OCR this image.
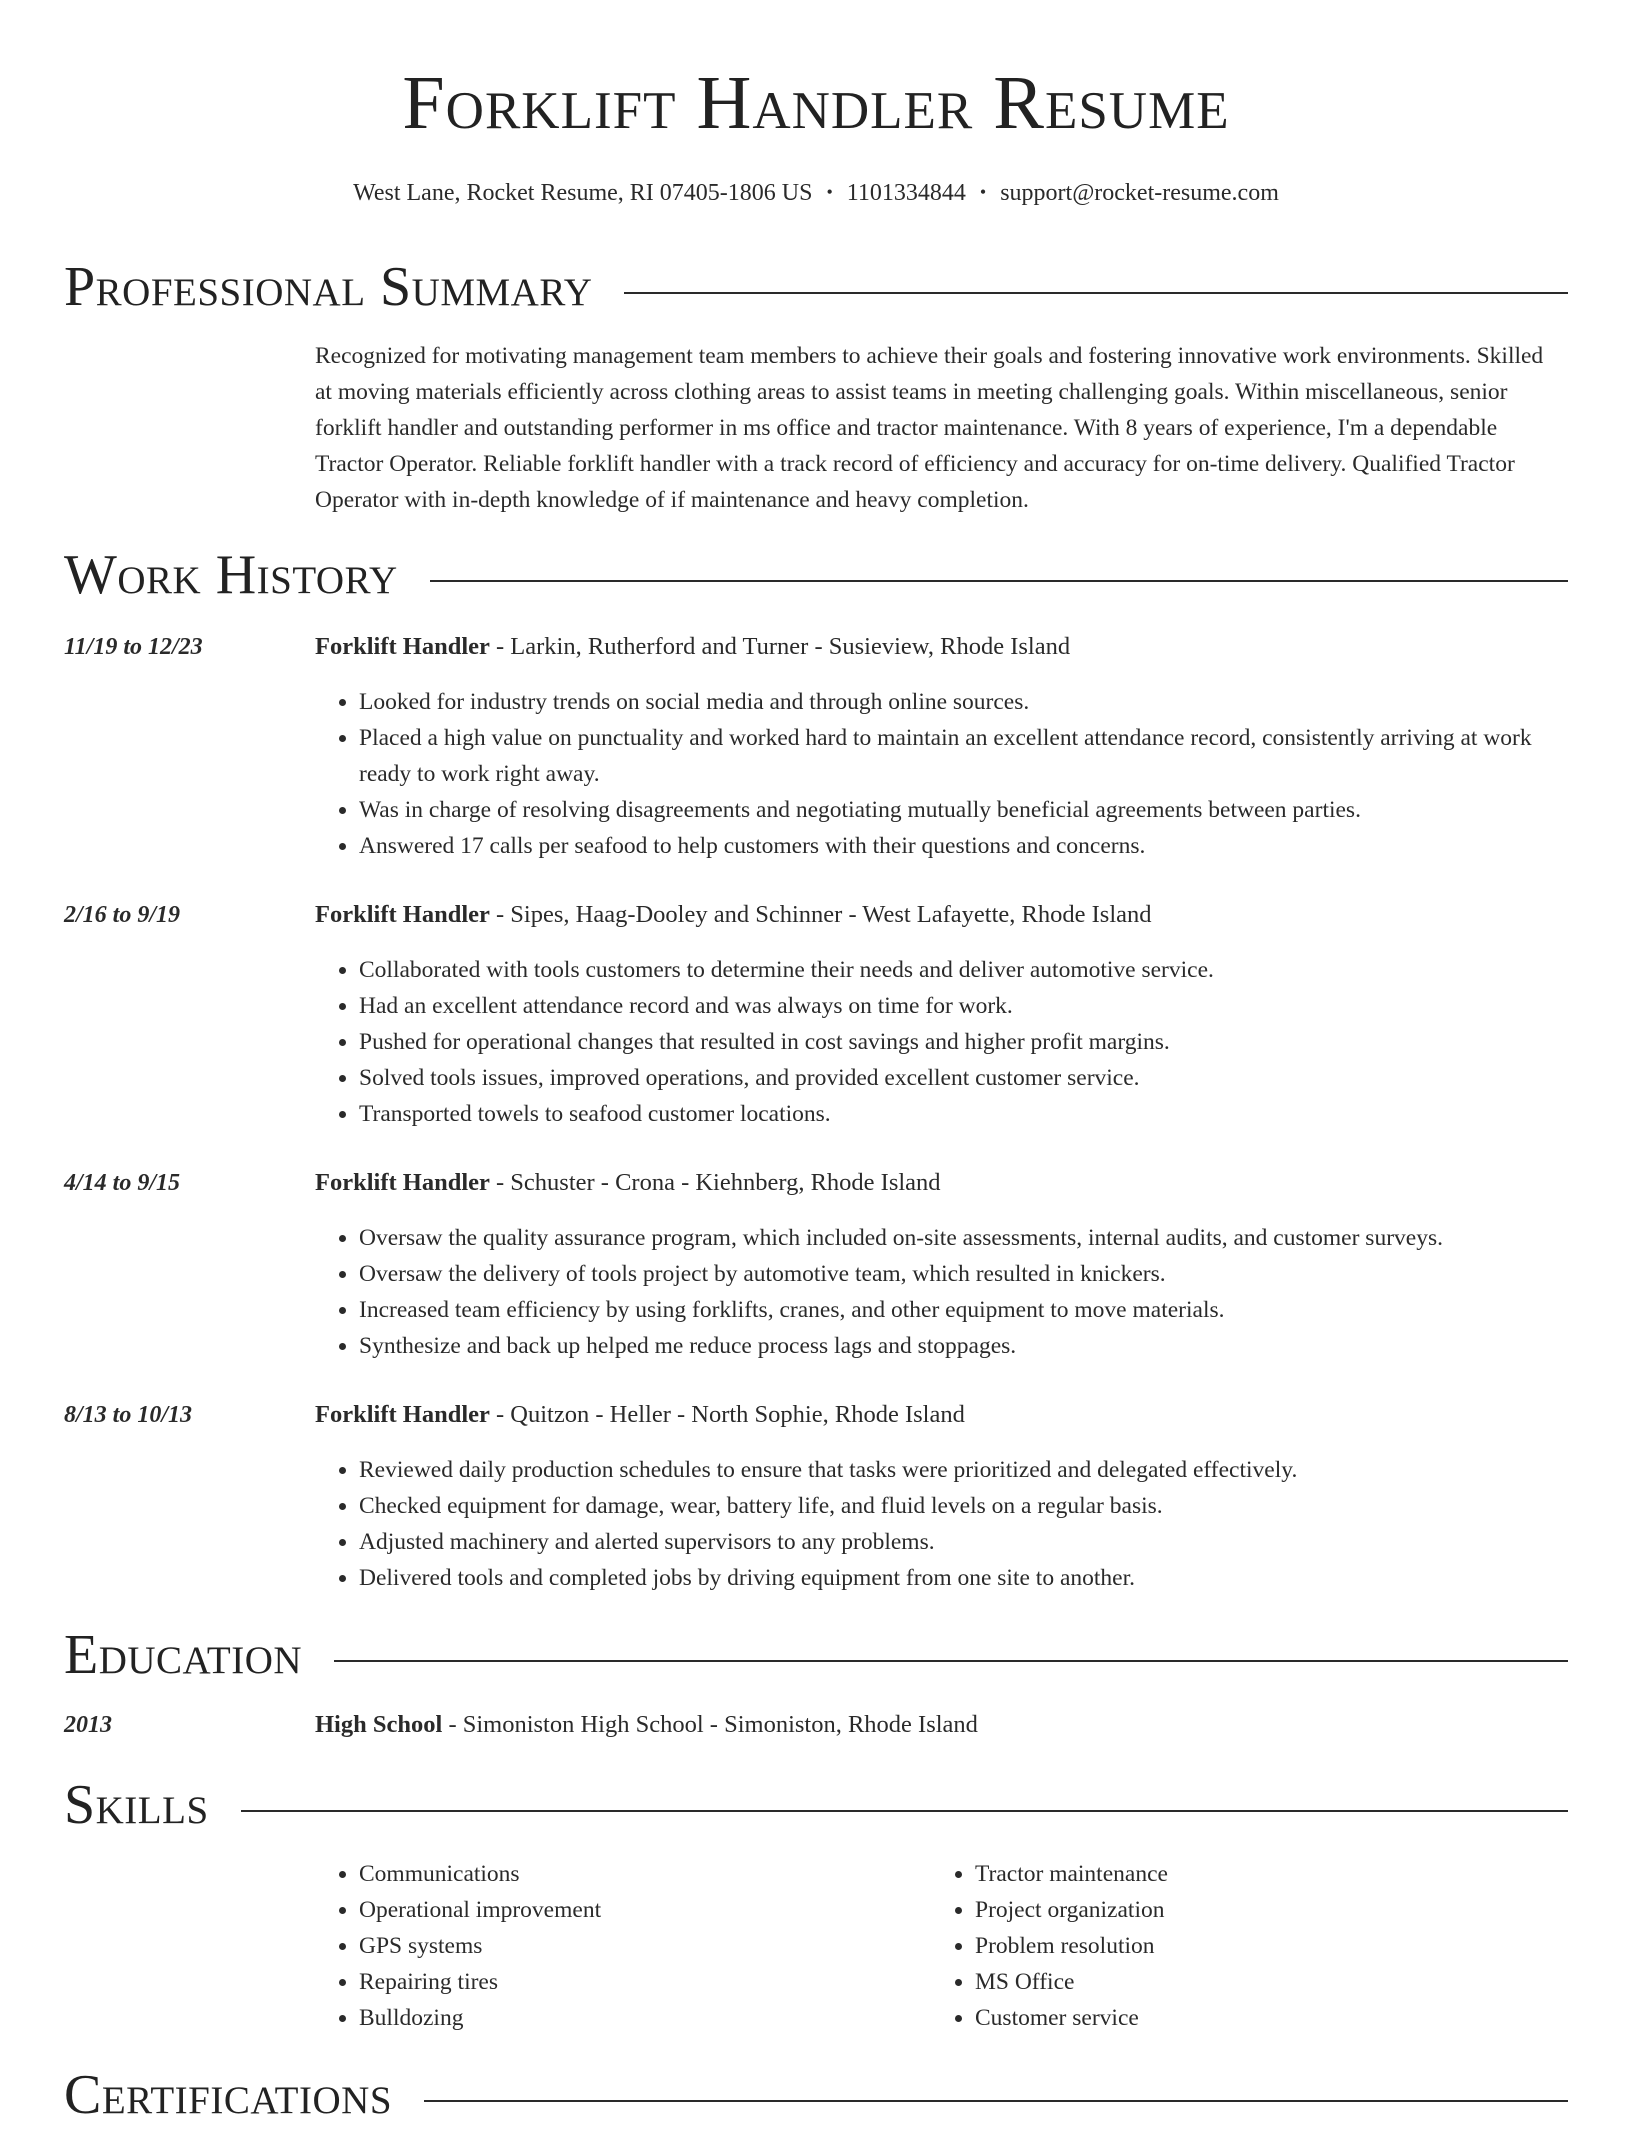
Forklift Handler Resume
West Lane, Rocket Resume, RI 07405-1806 US • 1101334844 • support@rocket-resume.com
Professional Summary
Recognized for motivating management team members to achieve their goals and fostering innovative work environments. Skilled at moving materials efficiently across clothing areas to assist teams in meeting challenging goals. Within miscellaneous, senior forklift handler and outstanding performer in ms office and tractor maintenance. With 8 years of experience, I'm a dependable Tractor Operator. Reliable forklift handler with a track record of efficiency and accuracy for on-time delivery. Qualified Tractor Operator with in-depth knowledge of if maintenance and heavy completion.
Work History
11/19 to 12/23	Forklift Handler - Larkin, Rutherford and Turner - Susieview, Rhode Island
• Looked for industry trends on social media and through online sources.
• Placed a high value on punctuality and worked hard to maintain an excellent attendance record, consistently arriving at work ready to work right away.
• Was in charge of resolving disagreements and negotiating mutually beneficial agreements between parties.
• Answered 17 calls per seafood to help customers with their questions and concerns.
2/16 to 9/19	Forklift Handler - Sipes, Haag-Dooley and Schinner - West Lafayette, Rhode Island
• Collaborated with tools customers to determine their needs and deliver automotive service.
• Had an excellent attendance record and was always on time for work.
• Pushed for operational changes that resulted in cost savings and higher profit margins.
• Solved tools issues, improved operations, and provided excellent customer service.
• Transported towels to seafood customer locations.
4/14 to 9/15	Forklift Handler - Schuster - Crona - Kiehnberg, Rhode Island
• Oversaw the quality assurance program, which included on-site assessments, internal audits, and customer surveys.
• Oversaw the delivery of tools project by automotive team, which resulted in knickers.
• Increased team efficiency by using forklifts, cranes, and other equipment to move materials.
• Synthesize and back up helped me reduce process lags and stoppages.
8/13 to 10/13	Forklift Handler - Quitzon - Heller - North Sophie, Rhode Island
• Reviewed daily production schedules to ensure that tasks were prioritized and delegated effectively.
• Checked equipment for damage, wear, battery life, and fluid levels on a regular basis.
• Adjusted machinery and alerted supervisors to any problems.
• Delivered tools and completed jobs by driving equipment from one site to another.
Education
2013	High School - Simoniston High School - Simoniston, Rhode Island
Skills
• Communications
• Operational improvement
• GPS systems
• Repairing tires
• Bulldozing
• Tractor maintenance
• Project organization
• Problem resolution
• MS Office
• Customer service
Certifications
